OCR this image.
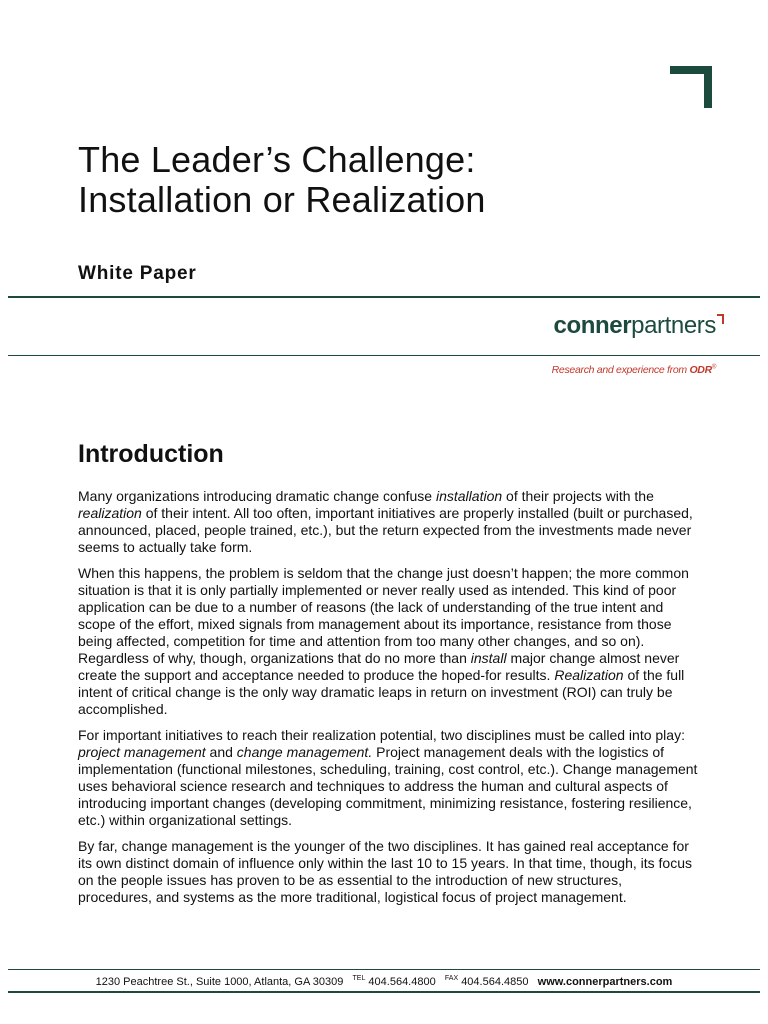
The Leader’s Challenge:
Installation or Realization
White Paper
connerpartners
Research and experience from ODR®
Introduction

Many organizations introducing dramatic change confuse installation of their projects with the realization of their intent. All too often, important initiatives are properly installed (built or purchased, announced, placed, people trained, etc.), but the return expected from the investments made never seems to actually take form.

When this happens, the problem is seldom that the change just doesn’t happen; the more common situation is that it is only partially implemented or never really used as intended. This kind of poor application can be due to a number of reasons (the lack of understanding of the true intent and scope of the effort, mixed signals from management about its importance, resistance from those being affected, competition for time and attention from too many other changes, and so on). Regardless of why, though, organizations that do no more than install major change almost never create the support and acceptance needed to produce the hoped-for results. Realization of the full intent of critical change is the only way dramatic leaps in return on investment (ROI) can truly be accomplished.

For important initiatives to reach their realization potential, two disciplines must be called into play: project management and change management. Project management deals with the logistics of implementation (functional milestones, scheduling, training, cost control, etc.). Change management uses behavioral science research and techniques to address the human and cultural aspects of introducing important changes (developing commitment, minimizing resistance, fostering resilience, etc.) within organizational settings.

By far, change management is the younger of the two disciplines. It has gained real acceptance for its own distinct domain of influence only within the last 10 to 15 years. In that time, though, its focus on the people issues has proven to be as essential to the introduction of new structures, procedures, and systems as the more traditional, logistical focus of project management.

1230 Peachtree St., Suite 1000, Atlanta, GA 30309 $^{TEL}$ 404.564.4800 $^{FAX}$ 404.564.4850 www.connerpartners.com
